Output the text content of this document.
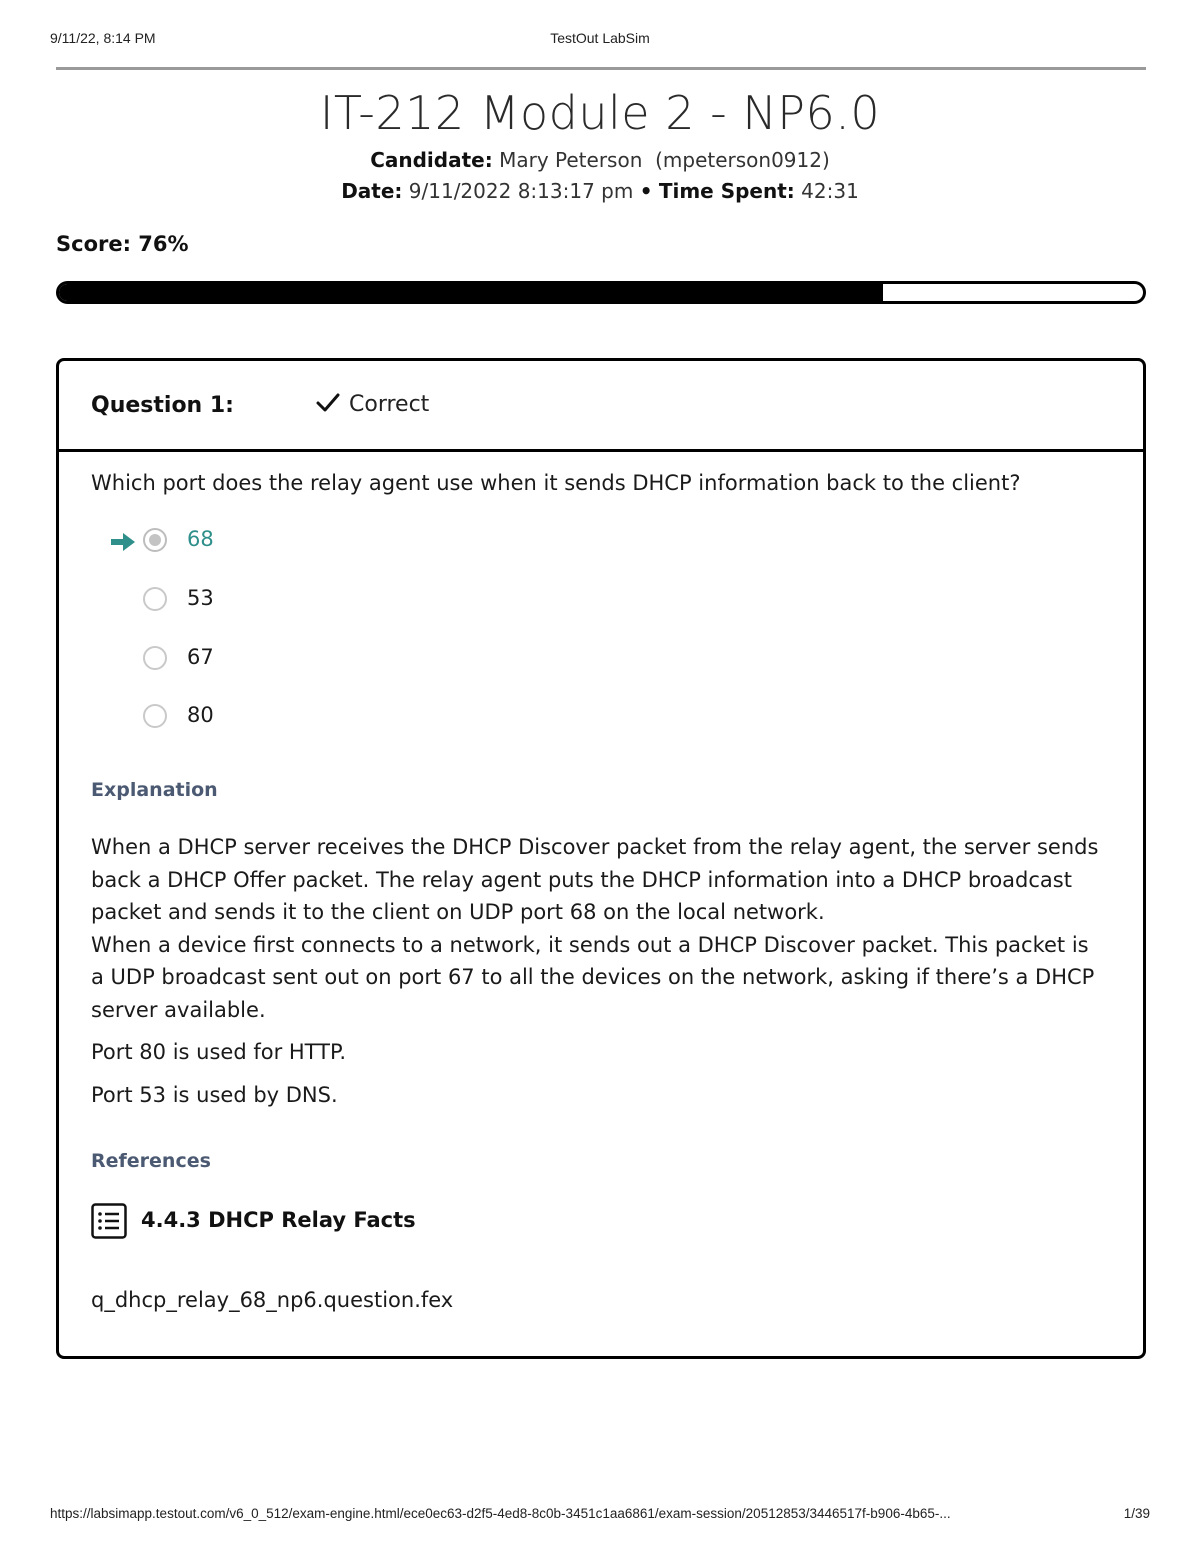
9/11/22, 8:14 PM	TestOut LabSim
IT-212 Module 2 - NP6.0
Candidate: Mary Peterson  (mpeterson0912)
Date: 9/11/2022 8:13:17 pm • Time Spent: 42:31
Score: 76%
Question 1:	Correct
Which port does the relay agent use when it sends DHCP information back to the client?
68
53
67
80
Explanation

When a DHCP server receives the DHCP Discover packet from the relay agent, the server sends back a DHCP Offer packet. The relay agent puts the DHCP information into a DHCP broadcast packet and sends it to the client on UDP port 68 on the local network.

When a device first connects to a network, it sends out a DHCP Discover packet. This packet is a UDP broadcast sent out on port 67 to all the devices on the network, asking if there’s a DHCP server available.

Port 80 is used for HTTP.

Port 53 is used by DNS.

References
4.4.3 DHCP Relay Facts
q_dhcp_relay_68_np6.question.fex
https://labsimapp.testout.com/v6_0_512/exam-engine.html/ece0ec63-d2f5-4ed8-8c0b-3451c1aa6861/exam-session/20512853/3446517f-b906-4b65-...	1/39
